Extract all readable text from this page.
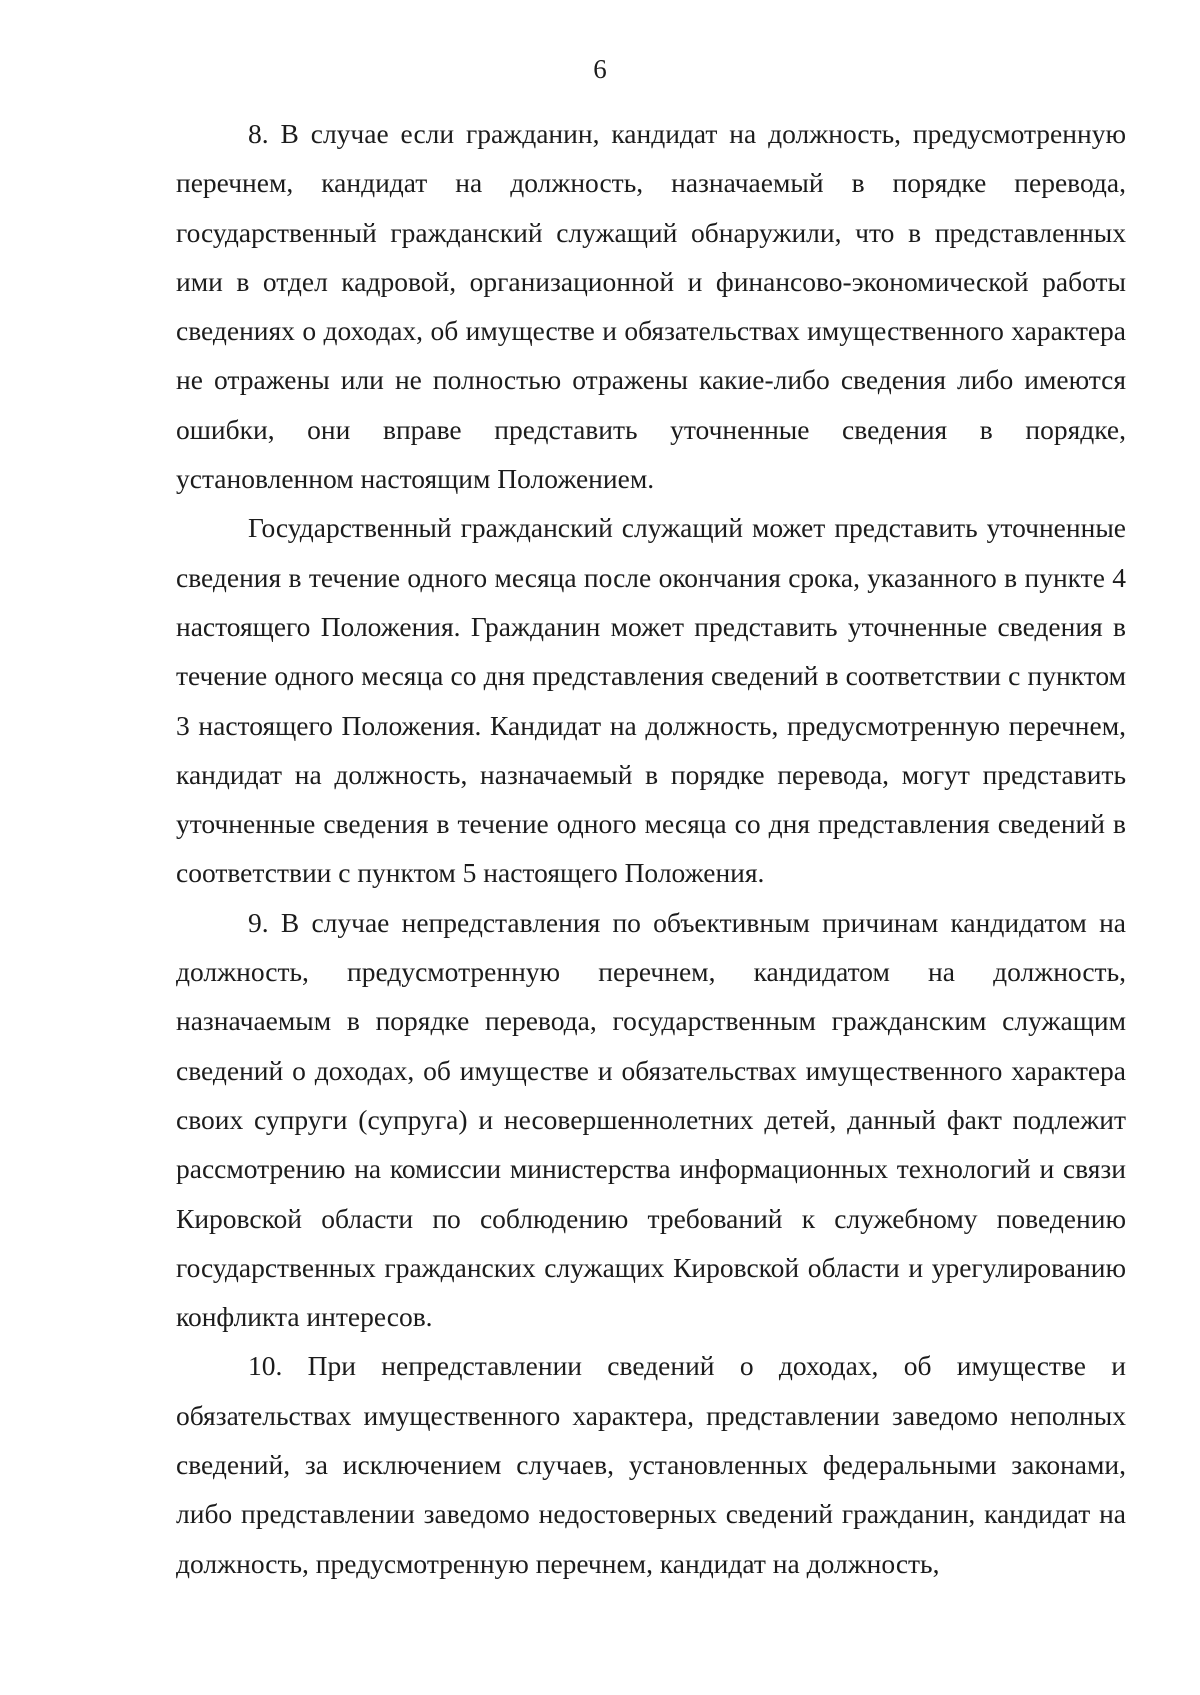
6

8. В случае если гражданин, кандидат на должность, предусмотренную перечнем, кандидат на должность, назначаемый в порядке перевода, государственный гражданский служащий обнаружили, что в представленных ими в отдел кадровой, организационной и финансово-экономической работы сведениях о доходах, об имуществе и обязательствах имущественного характера не отражены или не полностью отражены какие-либо сведения либо имеются ошибки, они вправе представить уточненные сведения в порядке, установленном настоящим Положением.

Государственный гражданский служащий может представить уточненные сведения в течение одного месяца после окончания срока, указанного в пункте 4 настоящего Положения. Гражданин может представить уточненные сведения в течение одного месяца со дня представления сведений в соответствии с пунктом 3 настоящего Положения. Кандидат на должность, предусмотренную перечнем, кандидат на должность, назначаемый в порядке перевода, могут представить уточненные сведения в течение одного месяца со дня представления сведений в соответствии с пунктом 5 настоящего Положения.

9. В случае непредставления по объективным причинам кандидатом на должность, предусмотренную перечнем, кандидатом на должность, назначаемым в порядке перевода, государственным гражданским служащим сведений о доходах, об имуществе и обязательствах имущественного характера своих супруги (супруга) и несовершеннолетних детей, данный факт подлежит рассмотрению на комиссии министерства информационных технологий и связи Кировской области по соблюдению требований к служебному поведению государственных гражданских служащих Кировской области и урегулированию конфликта интересов.

10. При непредставлении сведений о доходах, об имуществе и обязательствах имущественного характера, представлении заведомо неполных сведений, за исключением случаев, установленных федеральными законами, либо представлении заведомо недостоверных сведений гражданин, кандидат на должность, предусмотренную перечнем, кандидат на должность,
